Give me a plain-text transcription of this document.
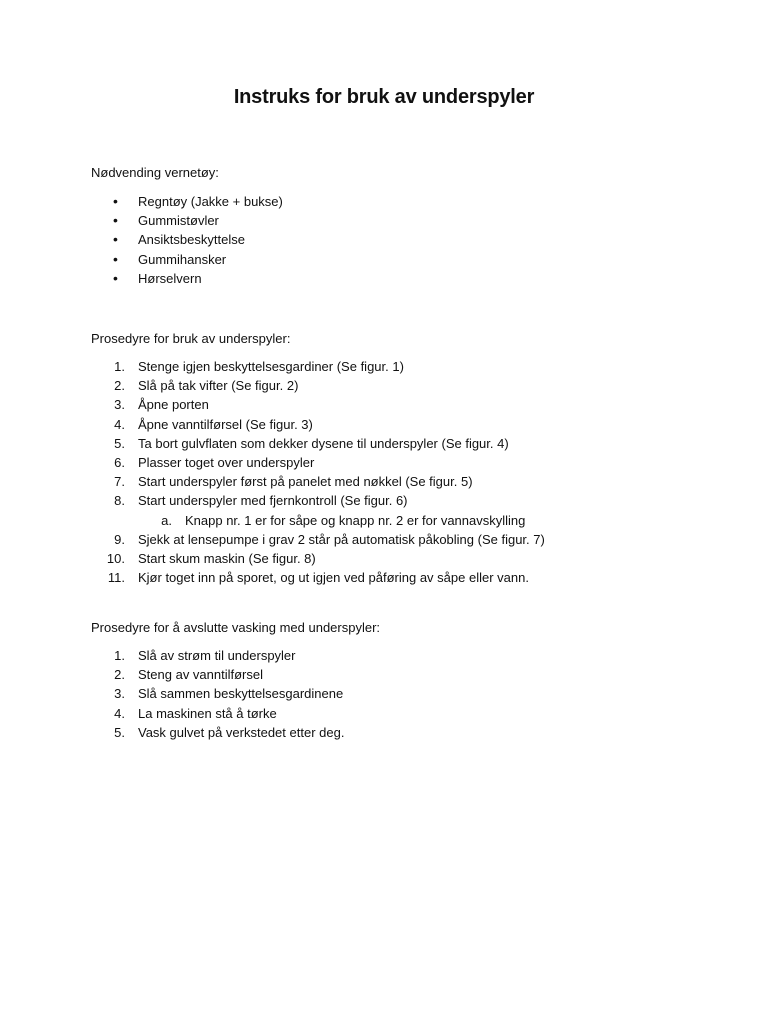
Instruks for bruk av underspyler
Nødvending vernetøy:
• Regntøy (Jakke + bukse)
• Gummistøvler
• Ansiktsbeskyttelse
• Gummihansker
• Hørselvern
Prosedyre for bruk av underspyler:
1. Stenge igjen beskyttelsesgardiner (Se figur. 1)
2. Slå på tak vifter (Se figur. 2)
3. Åpne porten
4. Åpne vanntilførsel (Se figur. 3)
5. Ta bort gulvflaten som dekker dysene til underspyler (Se figur. 4)
6. Plasser toget over underspyler
7. Start underspyler først på panelet med nøkkel (Se figur. 5)
8. Start underspyler med fjernkontroll (Se figur. 6)
a. Knapp nr. 1 er for såpe og knapp nr. 2 er for vannavskylling
9. Sjekk at lensepumpe i grav 2 står på automatisk påkobling (Se figur. 7)
10. Start skum maskin (Se figur. 8)
11. Kjør toget inn på sporet, og ut igjen ved påføring av såpe eller vann.
Prosedyre for å avslutte vasking med underspyler:
1. Slå av strøm til underspyler
2. Steng av vanntilførsel
3. Slå sammen beskyttelsesgardinene
4. La maskinen stå å tørke
5. Vask gulvet på verkstedet etter deg.
